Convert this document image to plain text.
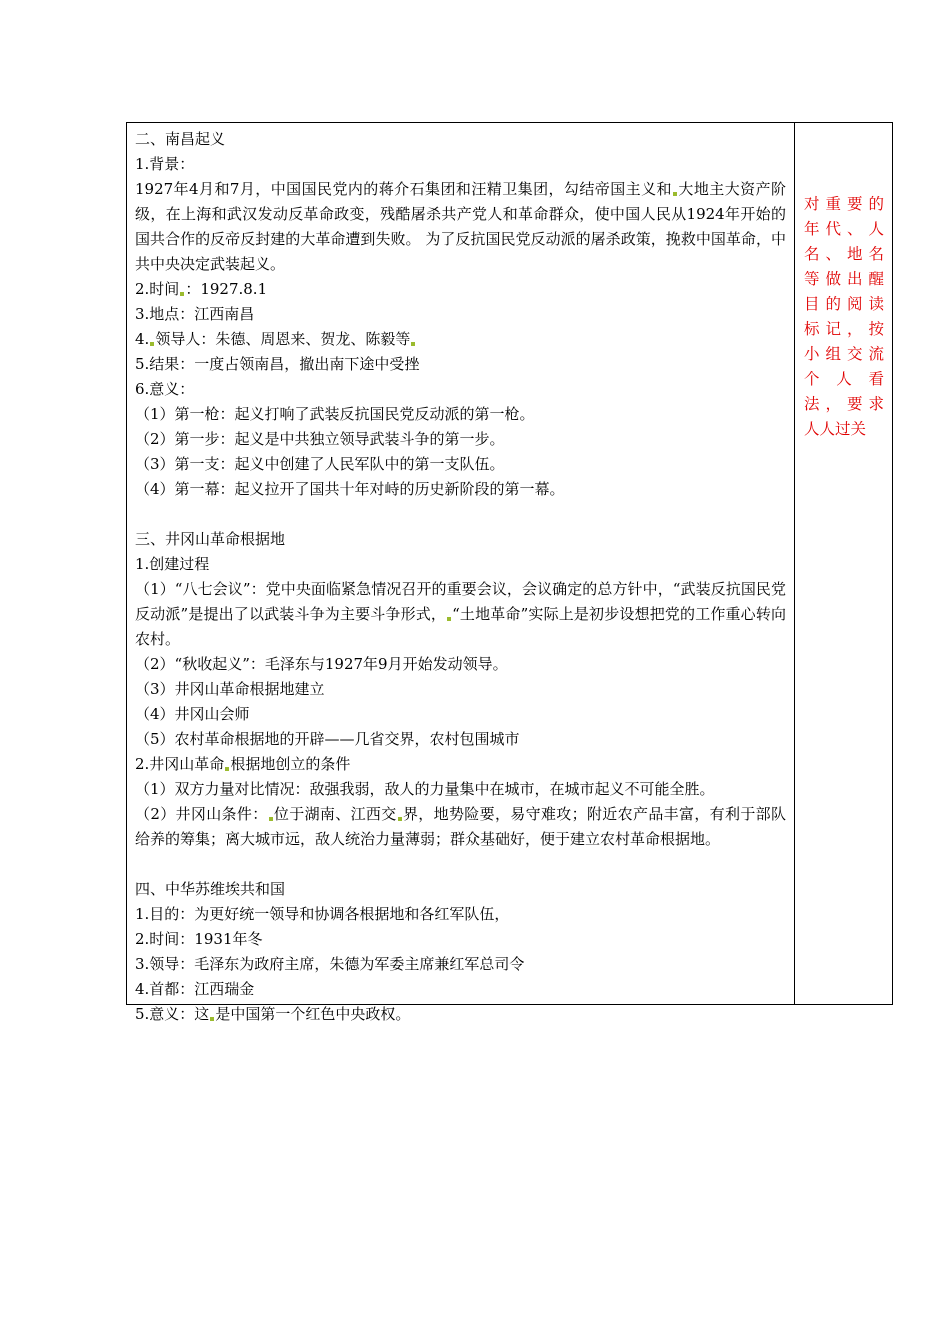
二、南昌起义
1.背景：
1927年4月和7月，中国国民党内的蒋介石集团和汪精卫集团，勾结帝国主义和 大地主大资产阶级，在上海和武汉发动反革命政变，残酷屠杀共产党人和革命群众，使中国人民从1924年开始的国共合作的反帝反封建的大革命遭到失败。 为了反抗国民党反动派的屠杀政策，挽救中国革命，中共中央决定武装起义。
2.时间 ：1927.8.1
3.地点：江西南昌
4. 领导人：朱德、周恩来、贺龙、陈毅等
5.结果：一度占领南昌，撤出南下途中受挫
6.意义：
（1）第一枪：起义打响了武装反抗国民党反动派的第一枪。
（2）第一步：起义是中共独立领导武装斗争的第一步。
（3）第一支：起义中创建了人民军队中的第一支队伍。
（4）第一幕：起义拉开了国共十年对峙的历史新阶段的第一幕。
三、井冈山革命根据地
1.创建过程
（1）“八七会议”：党中央面临紧急情况召开的重要会议，会议确定的总方针中，“武装反抗国民党反动派”是提出了以武装斗争为主要斗争形式， “土地革命”实际上是初步设想把党的工作重心转向农村。
（2）“秋收起义”：毛泽东与1927年9月开始发动领导。
（3）井冈山革命根据地建立
（4）井冈山会师
（5）农村革命根据地的开辟——几省交界，农村包围城市
2.井冈山革命 根据地创立的条件
（1）双方力量对比情况：敌强我弱，敌人的力量集中在城市，在城市起义不可能全胜。
（2）井冈山条件： 位于湖南、江西交 界，地势险要，易守难攻；附近农产品丰富，有利于部队给养的筹集；离大城市远，敌人统治力量薄弱；群众基础好，便于建立农村革命根据地。
四、中华苏维埃共和国
1.目的：为更好统一领导和协调各根据地和各红军队伍，
2.时间：1931年冬
3.领导：毛泽东为政府主席，朱德为军委主席兼红军总司令
4.首都：江西瑞金
5.意义：这 是中国第一个红色中央政权。
对重要的
年代、人
名、地名
等做出醒
目的阅读
标记，按
小组交流
个人看
法，要求
人人过关
